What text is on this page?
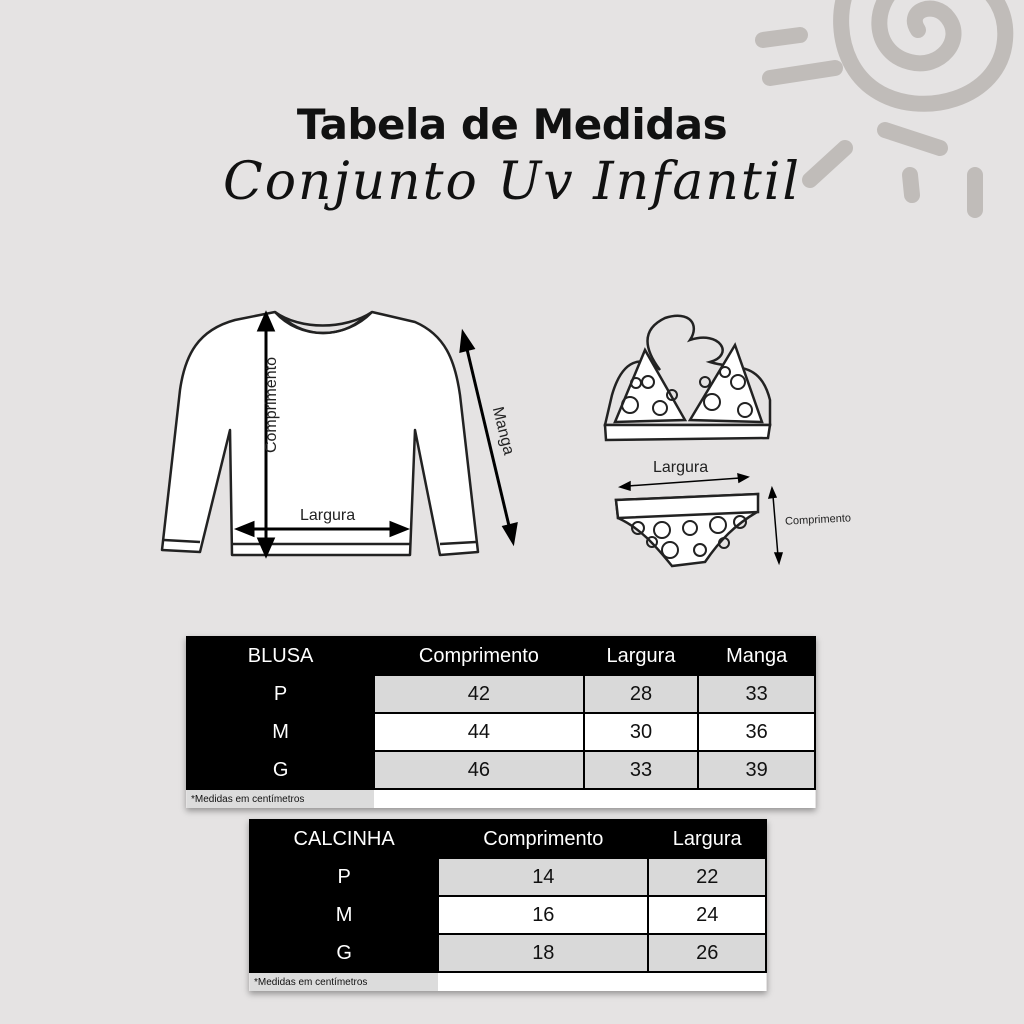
Tabela de Medidas
Conjunto Uv Infantil
Comprimento
Largura
Manga
Largura
Comprimento
BLUSA	Comprimento	Largura	Manga
P	42	28	33
M	44	30	36
G	46	33	39
*Medidas em centímetros			
CALCINHA	Comprimento	Largura
P	14	22
M	16	24
G	18	26
*Medidas em centímetros		
